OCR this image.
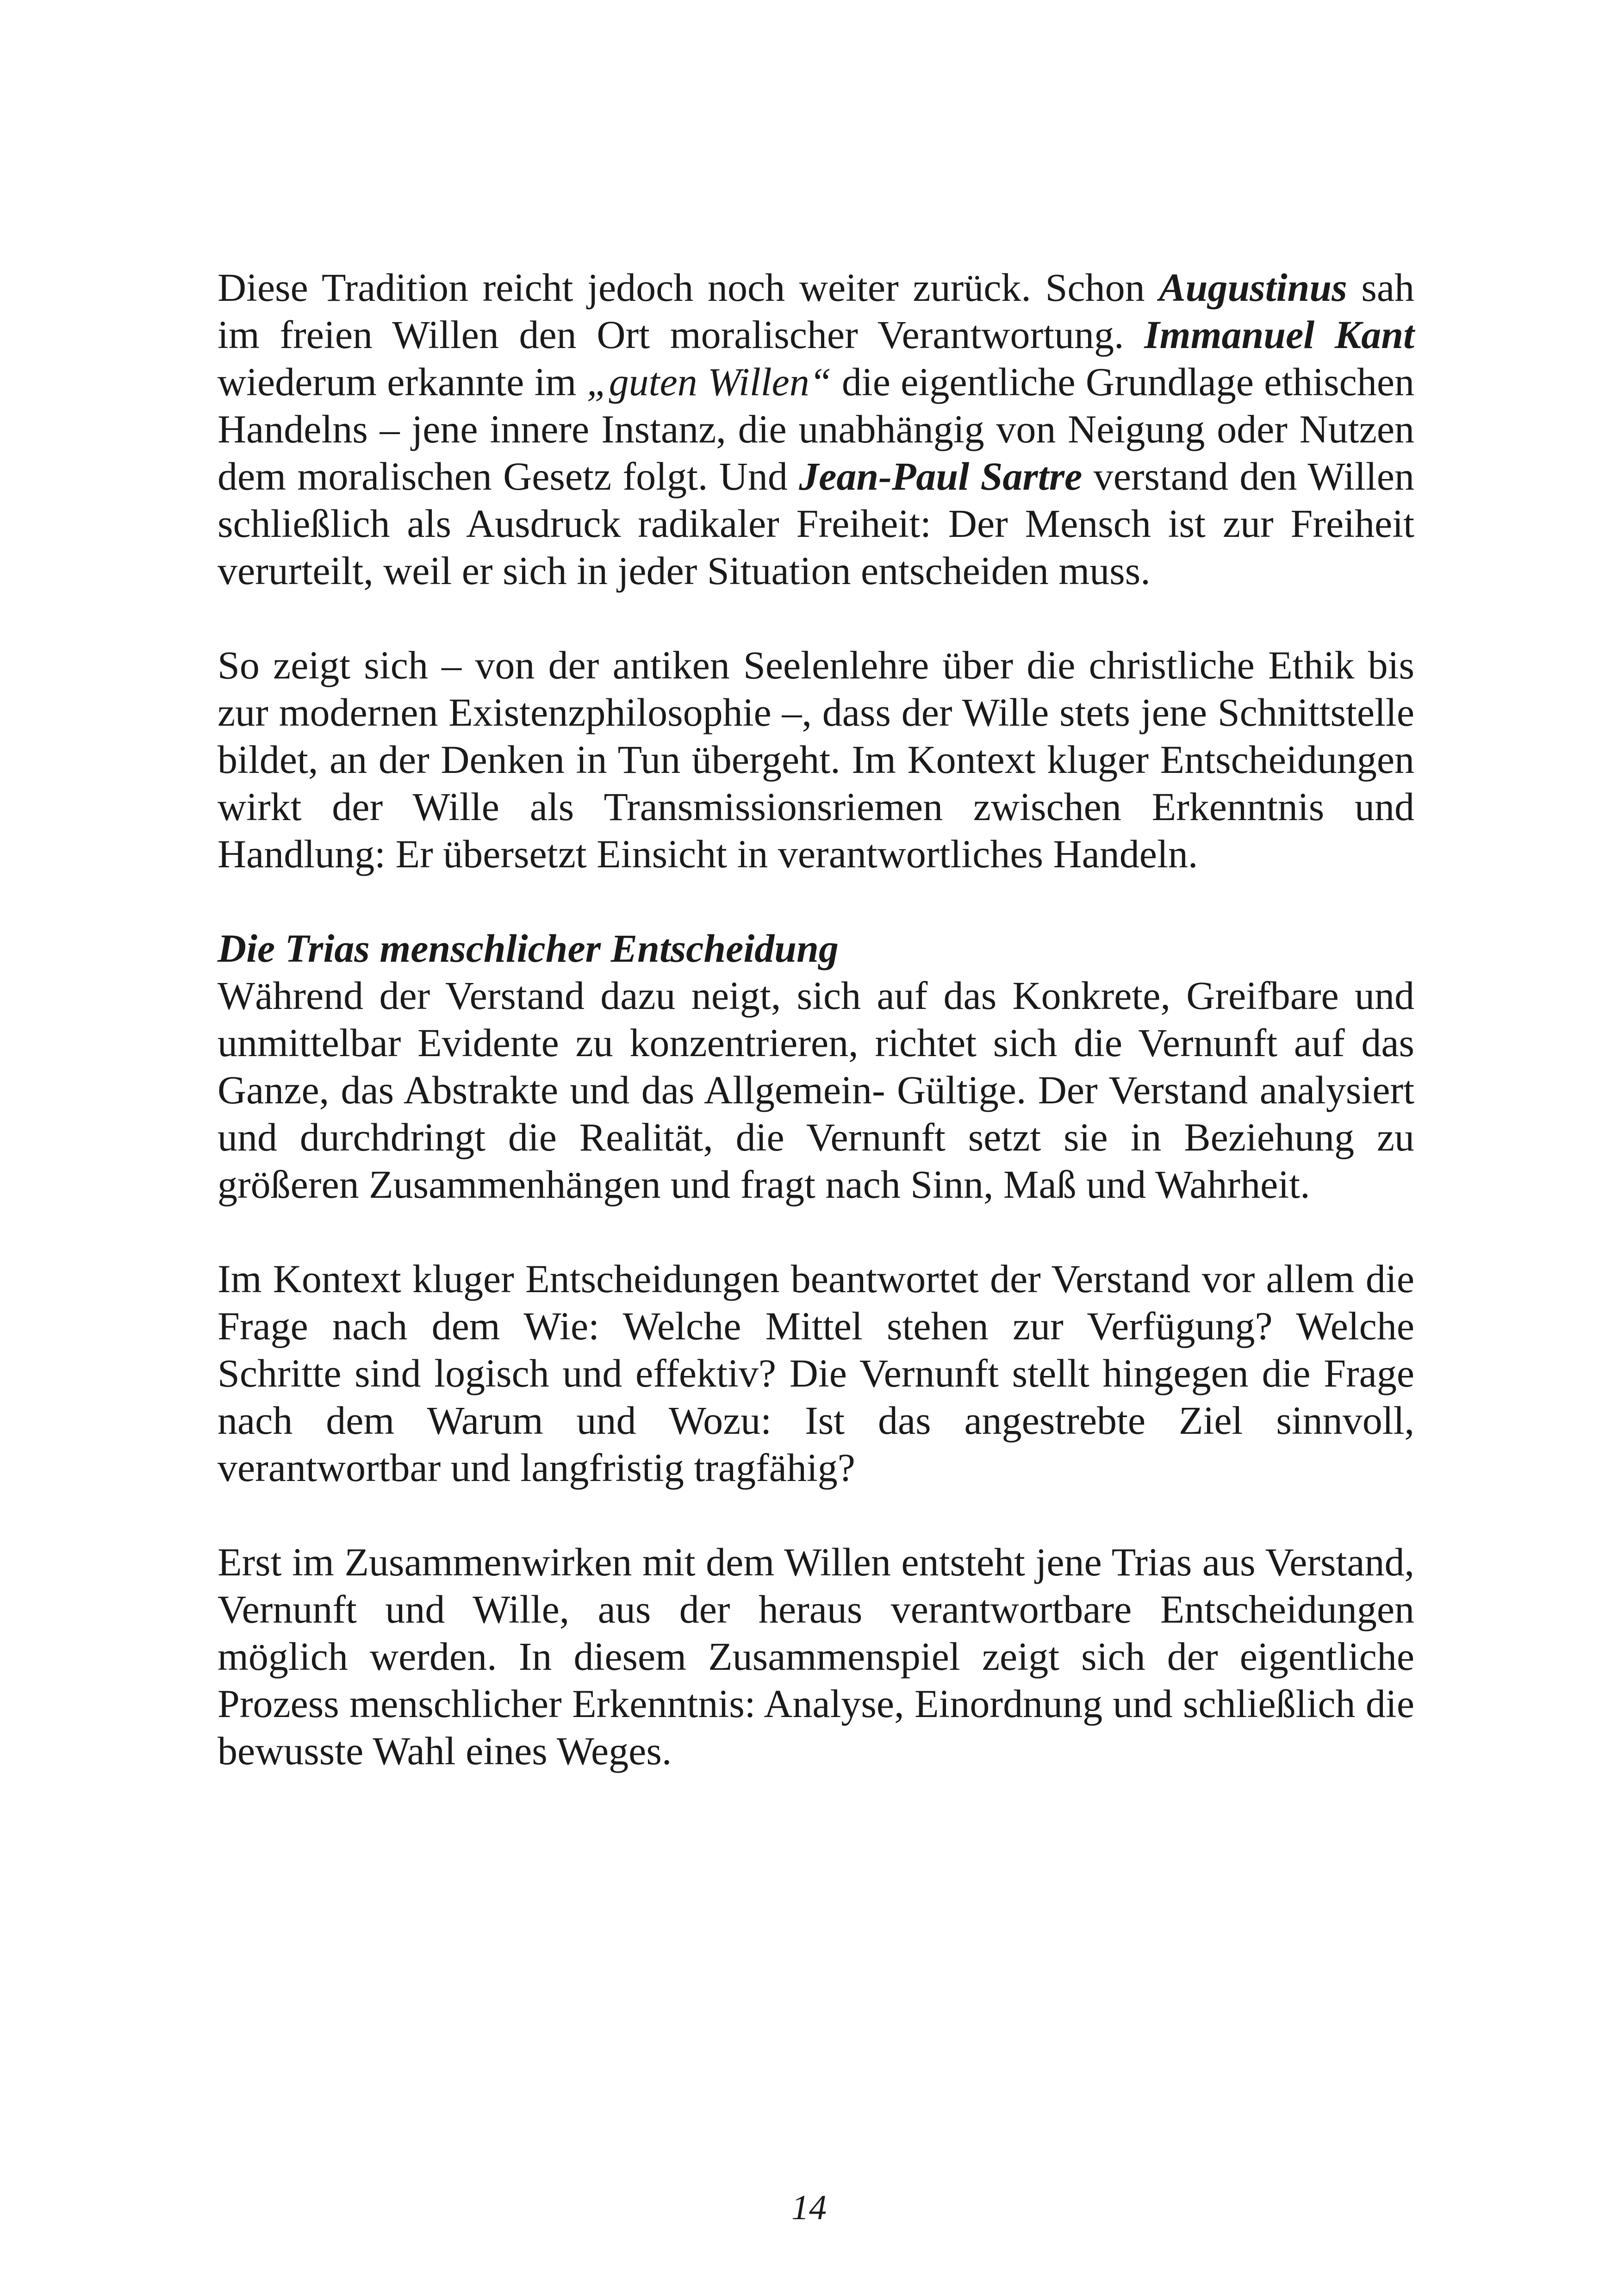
Diese Tradition reicht jedoch noch weiter zurück. Schon Augustinus sah im freien Willen den Ort moralischer Verantwortung. Immanuel Kant wiederum erkannte im „guten Willen“ die eigentliche Grundlage ethischen Handelns – jene innere Instanz, die unabhängig von Neigung oder Nutzen dem moralischen Gesetz folgt. Und Jean-Paul Sartre verstand den Willen schließlich als Ausdruck radikaler Freiheit: Der Mensch ist zur Freiheit verurteilt, weil er sich in jeder Situation entscheiden muss.

So zeigt sich – von der antiken Seelenlehre über die christliche Ethik bis zur modernen Existenzphilosophie –, dass der Wille stets jene Schnittstelle bildet, an der Denken in Tun übergeht. Im Kontext kluger Entscheidungen wirkt der Wille als Transmissionsriemen zwischen Erkenntnis und Handlung: Er übersetzt Einsicht in verantwortliches Handeln.

Die Trias menschlicher Entscheidung

Während der Verstand dazu neigt, sich auf das Konkrete, Greifbare und unmittelbar Evidente zu konzentrieren, richtet sich die Vernunft auf das Ganze, das Abstrakte und das Allgemein- Gültige. Der Verstand analysiert und durchdringt die Realität, die Vernunft setzt sie in Beziehung zu größeren Zusammenhängen und fragt nach Sinn, Maß und Wahrheit.

Im Kontext kluger Entscheidungen beantwortet der Verstand vor allem die Frage nach dem Wie: Welche Mittel stehen zur Verfügung? Welche Schritte sind logisch und effektiv? Die Vernunft stellt hingegen die Frage nach dem Warum und Wozu: Ist das angestrebte Ziel sinnvoll, verantwortbar und langfristig tragfähig?

Erst im Zusammenwirken mit dem Willen entsteht jene Trias aus Verstand, Vernunft und Wille, aus der heraus verantwortbare Entscheidungen möglich werden. In diesem Zusammenspiel zeigt sich der eigentliche Prozess menschlicher Erkenntnis: Analyse, Einordnung und schließlich die bewusste Wahl eines Weges.

14
